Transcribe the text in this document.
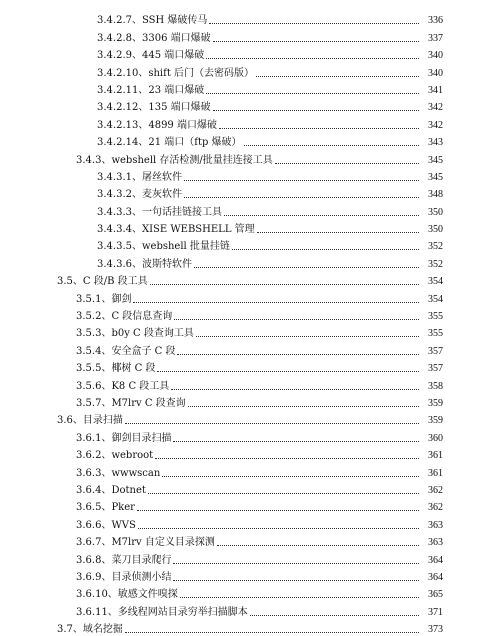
3.4.2.7、SSH 爆破传马	336
3.4.2.8、3306 端口爆破	337
3.4.2.9、445 端口爆破	340
3.4.2.10、shift 后门（去密码版）	340
3.4.2.11、23 端口爆破	341
3.4.2.12、135 端口爆破	342
3.4.2.13、4899 端口爆破	342
3.4.2.14、21 端口（ftp 爆破）	343
3.4.3、webshell 存活检测/批量挂连接工具	345
3.4.3.1、屠丝软件	345
3.4.3.2、麦灰软件	348
3.4.3.3、一句话挂链接工具	350
3.4.3.4、XISE WEBSHELL 管理	350
3.4.3.5、webshell 批量挂链	352
3.4.3.6、波斯特软件	352
3.5、C 段/B 段工具	354
3.5.1、御剑	354
3.5.2、C 段信息查询	355
3.5.3、b0y C 段查询工具	355
3.5.4、安全盒子 C 段	357
3.5.5、椰树 C 段	357
3.5.6、K8 C 段工具	358
3.5.7、M7lrv C 段查询	359
3.6、目录扫描	359
3.6.1、御剑目录扫描	360
3.6.2、webroot	361
3.6.3、wwwscan	361
3.6.4、Dotnet	362
3.6.5、Pker	362
3.6.6、WVS	363
3.6.7、M7lrv 自定义目录探测	363
3.6.8、菜刀目录爬行	364
3.6.9、目录侦测小结	364
3.6.10、敏感文件嗅探	365
3.6.11、多线程网站目录穷举扫描脚本	371
3.7、域名挖掘	373
